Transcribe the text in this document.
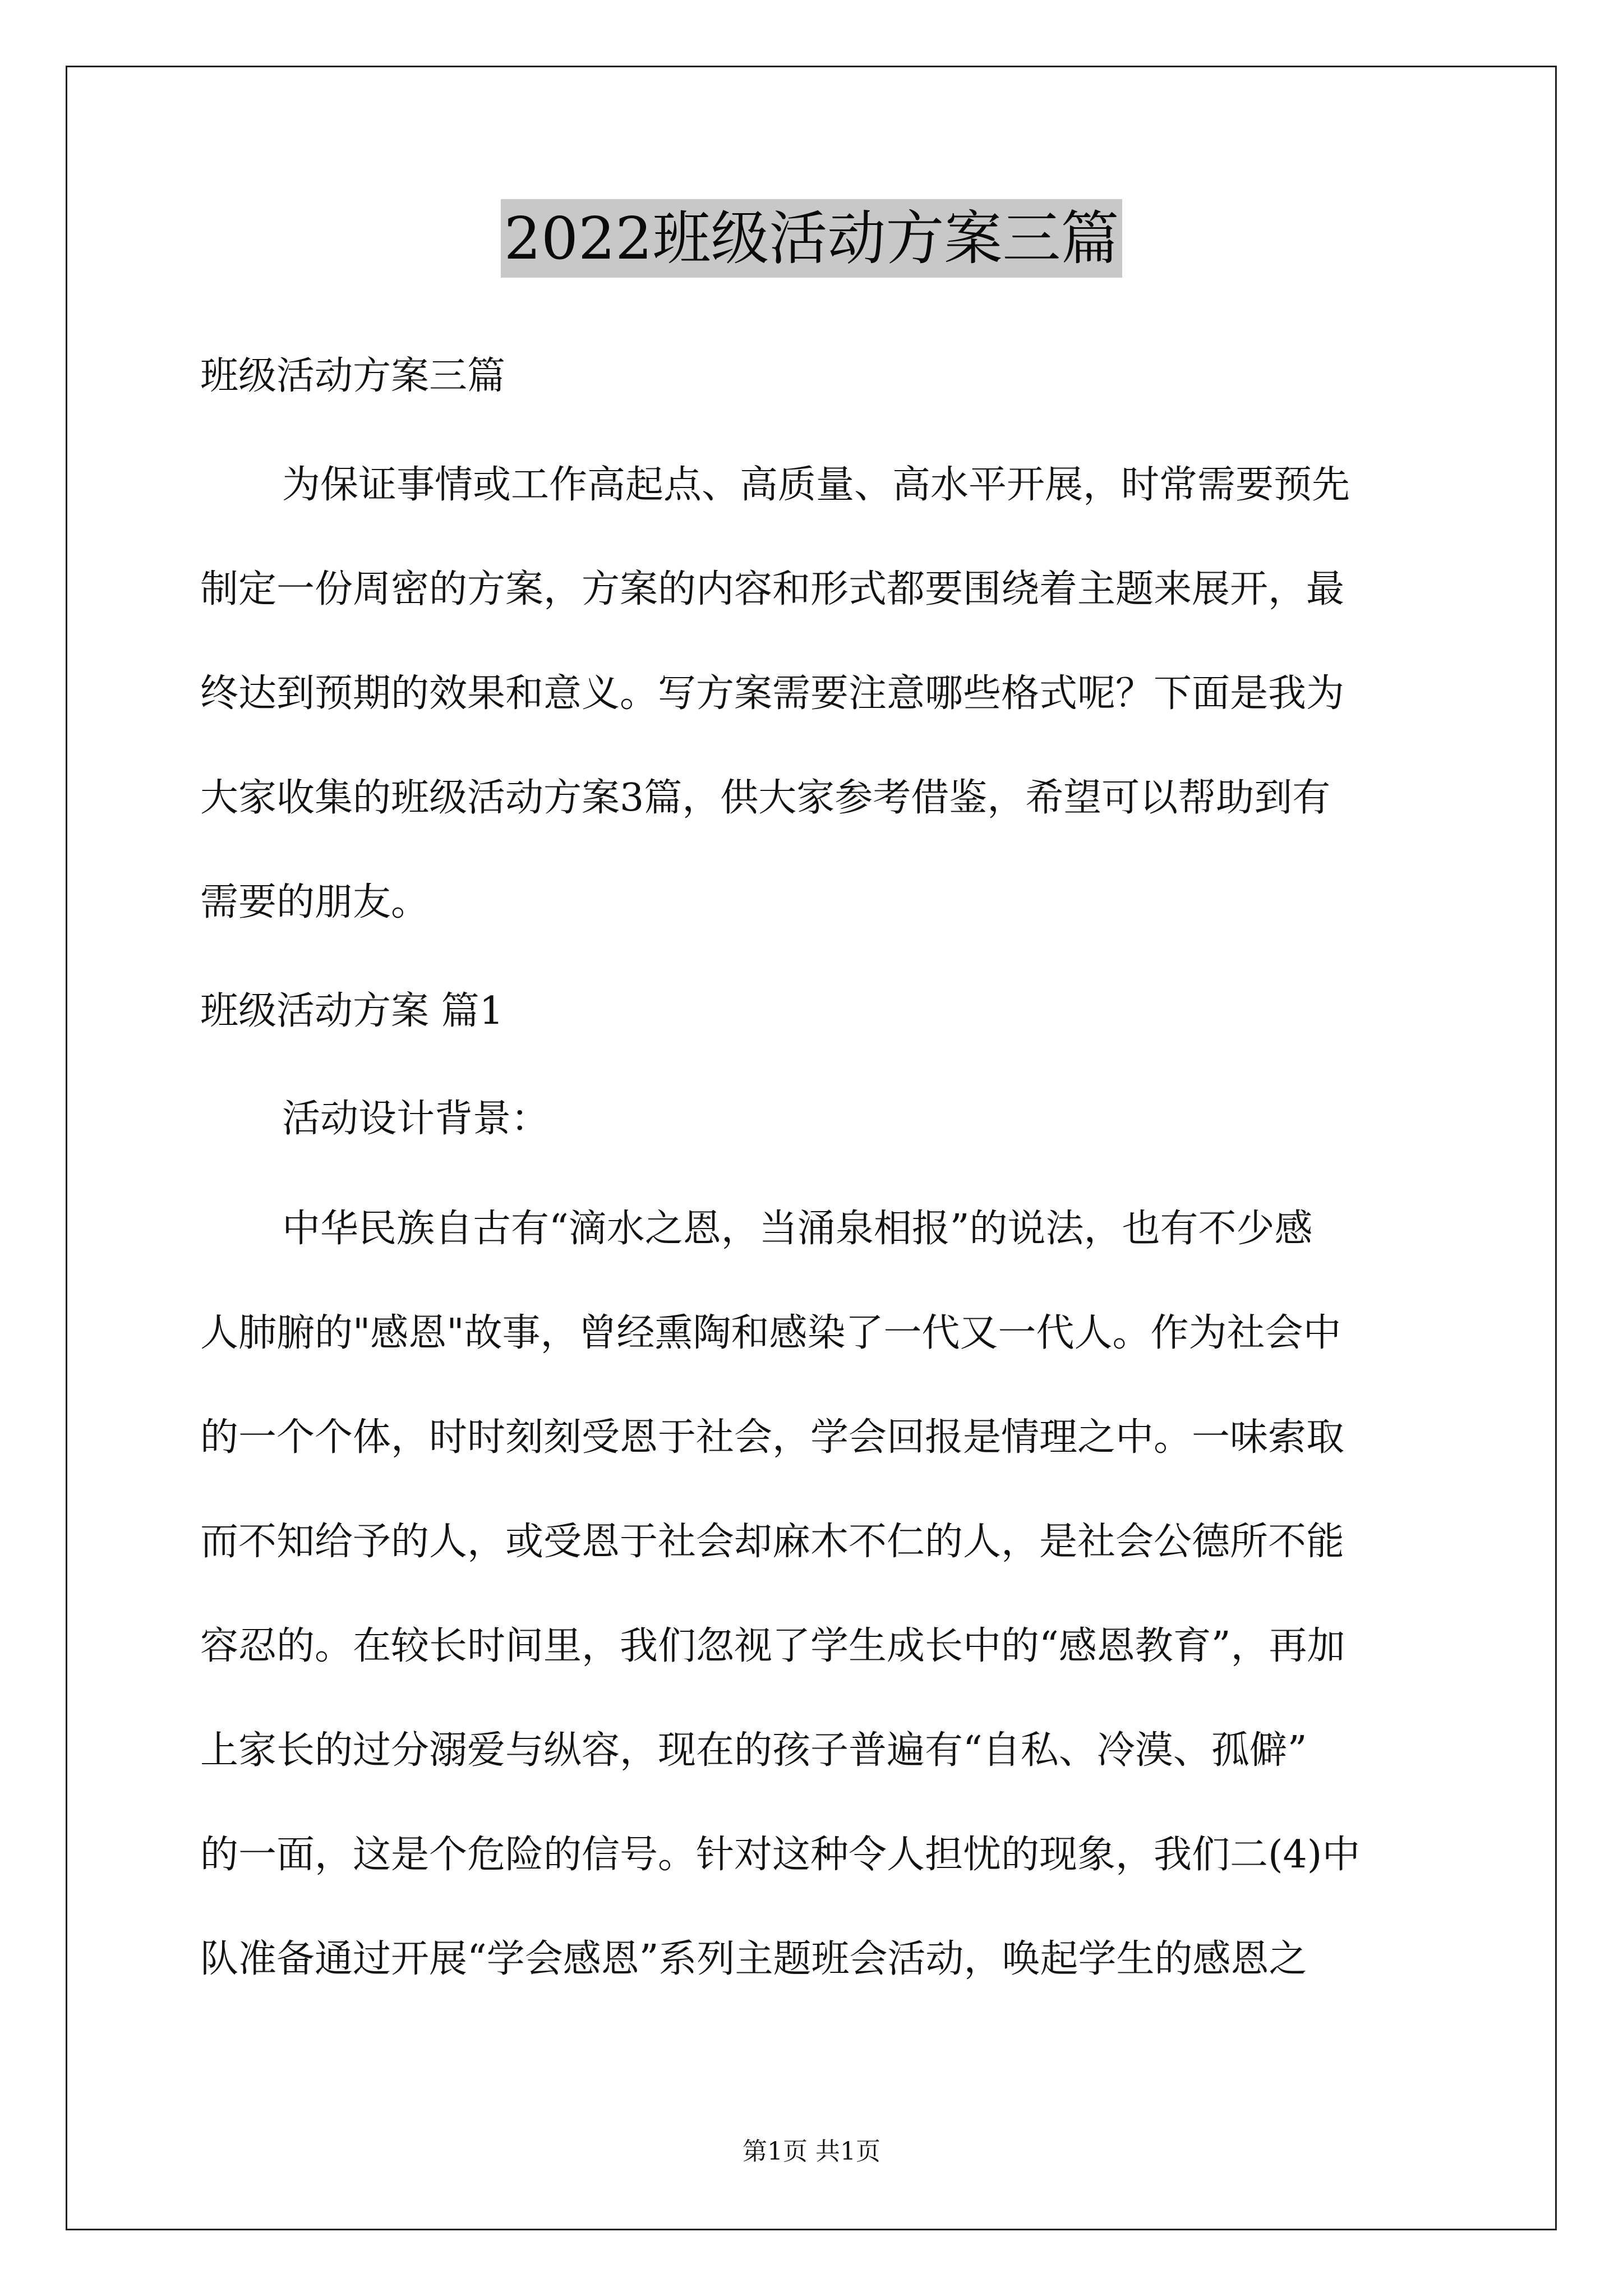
2022班级活动方案三篇

班级活动方案三篇

为保证事情或工作高起点、高质量、高水平开展，时常需要预先

制定一份周密的方案，方案的内容和形式都要围绕着主题来展开，最

终达到预期的效果和意义。写方案需要注意哪些格式呢？下面是我为

大家收集的班级活动方案3篇，供大家参考借鉴，希望可以帮助到有

需要的朋友。

班级活动方案 篇1

活动设计背景：

中华民族自古有“滴水之恩，当涌泉相报”的说法，也有不少感

人肺腑的"感恩"故事，曾经熏陶和感染了一代又一代人。作为社会中

的一个个体，时时刻刻受恩于社会，学会回报是情理之中。一味索取

而不知给予的人，或受恩于社会却麻木不仁的人，是社会公德所不能

容忍的。在较长时间里，我们忽视了学生成长中的“感恩教育”，再加

上家长的过分溺爱与纵容，现在的孩子普遍有“自私、冷漠、孤僻”

的一面，这是个危险的信号。针对这种令人担忧的现象，我们二(4)中

队准备通过开展“学会感恩”系列主题班会活动，唤起学生的感恩之

第1页 共1页
